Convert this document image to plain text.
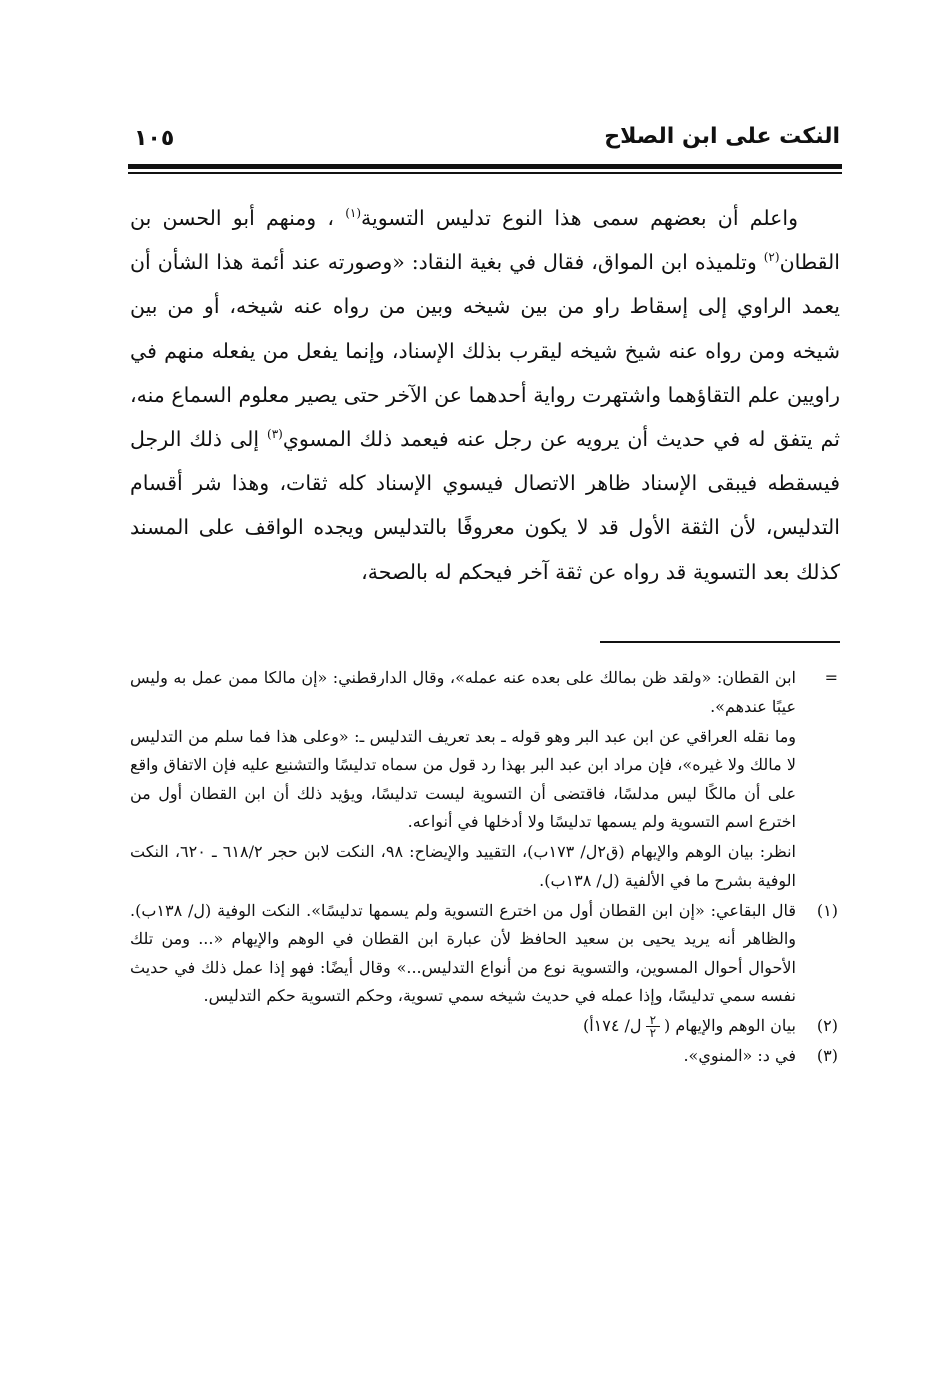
النكت على ابن الصلاح
١٠٥

واعلم أن بعضهم سمى هذا النوع تدليس التسوية$^{(١)}$ ، ومنهم أبو الحسن بن القطان$^{(٢)}$ وتلميذه ابن المواق، فقال في بغية النقاد: «وصورته عند أئمة هذا الشأن أن يعمد الراوي إلى إسقاط راو من بين شيخه وبين من رواه عنه شيخه، أو من بين شيخه ومن رواه عنه شيخ شيخه ليقرب بذلك الإسناد، وإنما يفعل من يفعله منهم في راويين علم التقاؤهما واشتهرت رواية أحدهما عن الآخر حتى يصير معلوم السماع منه، ثم يتفق له في حديث أن يرويه عن رجل عنه فيعمد ذلك المسوي$^{(٣)}$ إلى ذلك الرجل فيسقطه فيبقى الإسناد ظاهر الاتصال فيسوي الإسناد كله ثقات، وهذا شر أقسام التدليس، لأن الثقة الأول قد لا يكون معروفًا بالتدليس ويجده الواقف على المسند كذلك بعد التسوية قد رواه عن ثقة آخر فيحكم له بالصحة،

=
ابن القطان: «ولقد ظن بمالك على بعده عنه عمله»، وقال الدارقطني: «إن مالكا ممن عمل به وليس عيبًا عندهم».
وما نقله العراقي عن ابن عبد البر وهو قوله ـ بعد تعريف التدليس ـ: «وعلى هذا فما سلم من التدليس لا مالك ولا غيره»، فإن مراد ابن عبد البر بهذا رد قول من سماه تدليسًا والتشنيع عليه فإن الاتفاق واقع على أن مالكًا ليس مدلسًا، فاقتضى أن التسوية ليست تدليسًا، ويؤيد ذلك أن ابن القطان أول من اخترع اسم التسوية ولم يسمها تدليسًا ولا أدخلها في أنواعه.
انظر: بيان الوهم والإيهام (ق٢ل/ ١٧٣ب)، التقييد والإيضاح: ٩٨، النكت لابن حجر ٦١٨/٢ ـ ٦٢٠، النكت الوفية بشرح ما في الألفية (ل/ ١٣٨ب).
(١)
قال البقاعي: «إن ابن القطان أول من اخترع التسوية ولم يسمها تدليسًا». النكت الوفية (ل/ ١٣٨ب). والظاهر أنه يريد يحيى بن سعيد الحافظ لأن عبارة ابن القطان في الوهم والإيهام «... ومن تلك الأحوال أحوال المسوين، والتسوية نوع من أنواع التدليس...» وقال أيضًا: فهو إذا عمل ذلك في حديث نفسه سمي تدليسًا، وإذا عمله في حديث شيخه سمي تسوية، وحكم التسوية حكم التدليس.
(٢)
بيان الوهم والإيهام (
$\frac{٢}{٢}$
ل/ ١٧٤أ)
(٣)
في د: «المنوي».
